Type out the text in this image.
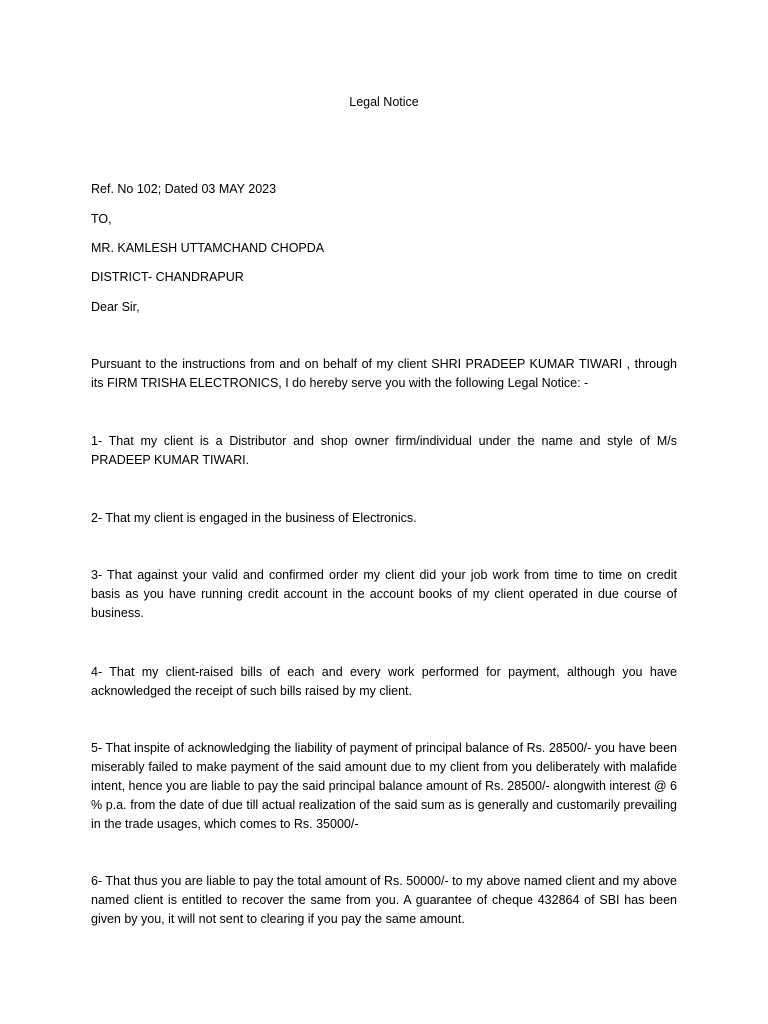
Legal Notice
Ref. No 102; Dated 03 MAY 2023
TO,
MR. KAMLESH UTTAMCHAND CHOPDA
DISTRICT- CHANDRAPUR
Dear Sir,
Pursuant to the instructions from and on behalf of my client SHRI PRADEEP KUMAR TIWARI , through its FIRM TRISHA ELECTRONICS, I do hereby serve you with the following Legal Notice: -
1- That my client is a Distributor and shop owner firm/individual under the name and style of M/s PRADEEP KUMAR TIWARI.
2- That my client is engaged in the business of Electronics.
3- That against your valid and confirmed order my client did your job work from time to time on credit basis as you have running credit account in the account books of my client operated in due course of business.
4- That my client-raised bills of each and every work performed for payment, although you have acknowledged the receipt of such bills raised by my client.
5- That inspite of acknowledging the liability of payment of principal balance of Rs. 28500/- you have been miserably failed to make payment of the said amount due to my client from you deliberately with malafide intent, hence you are liable to pay the said principal balance amount of Rs. 28500/- alongwith interest @ 6 % p.a. from the date of due till actual realization of the said sum as is generally and customarily prevailing in the trade usages, which comes to Rs. 35000/-
6- That thus you are liable to pay the total amount of Rs. 50000/- to my above named client and my above named client is entitled to recover the same from you. A guarantee of cheque 432864 of SBI has been given by you, it will not sent to clearing if you pay the same amount.
